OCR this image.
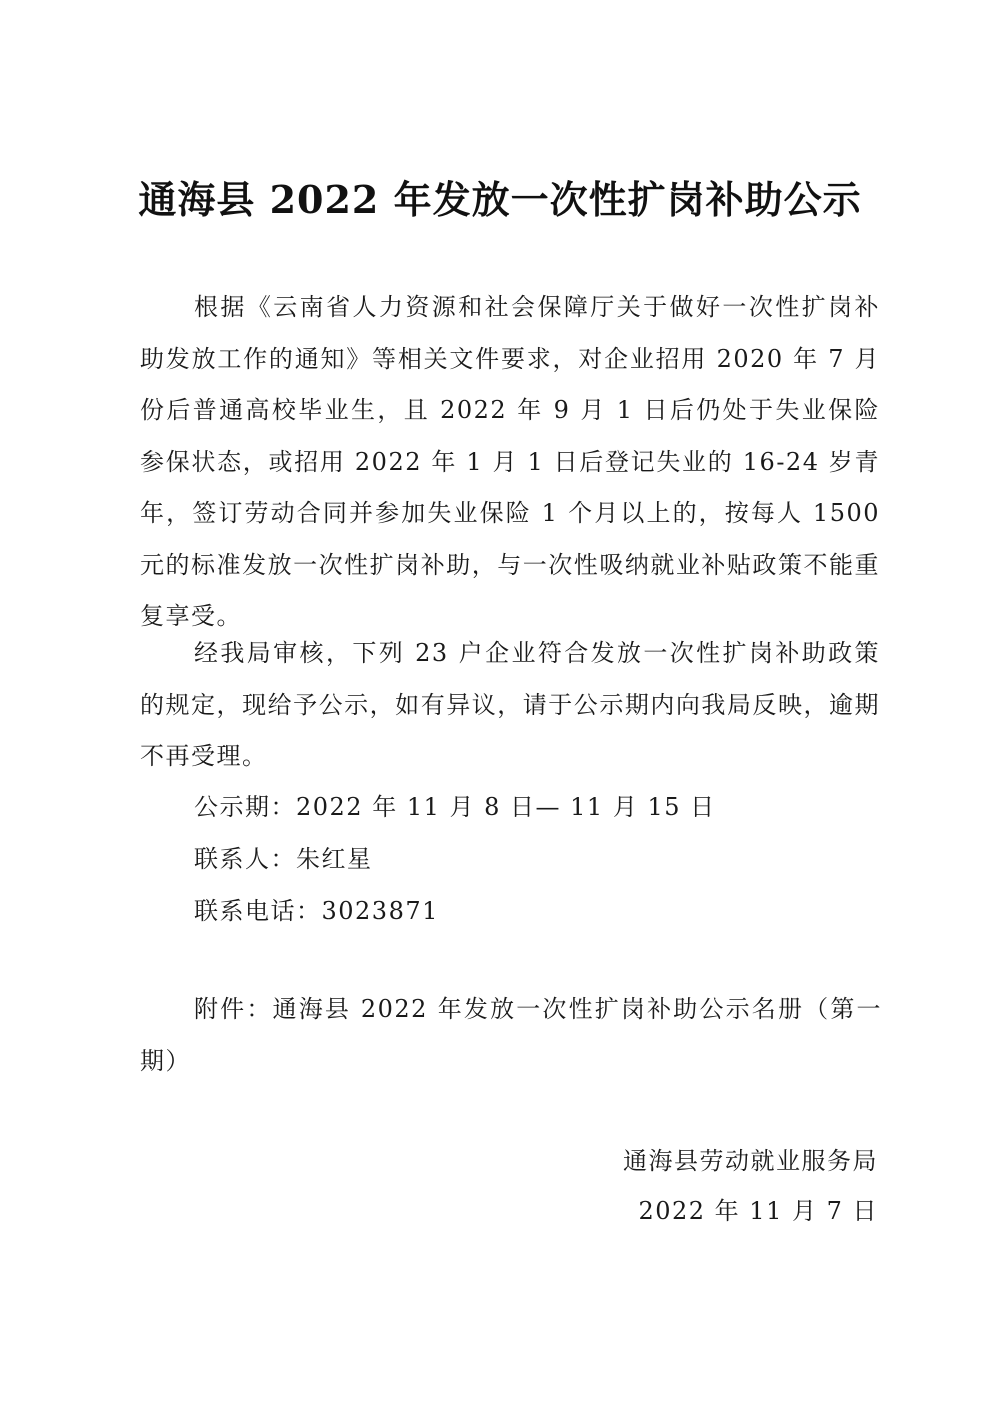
通海县 2022 年发放一次性扩岗补助公示

根据《云南省人力资源和社会保障厅关于做好一次性扩岗补助发放工作的通知》等相关文件要求，对企业招用 2020 年 7 月份后普通高校毕业生，且 2022 年 9 月 1 日后仍处于失业保险参保状态，或招用 2022 年 1 月 1 日后登记失业的 16-24 岁青年，签订劳动合同并参加失业保险 1 个月以上的，按每人 1500 元的标准发放一次性扩岗补助，与一次性吸纳就业补贴政策不能重复享受。

经我局审核，下列 23 户企业符合发放一次性扩岗补助政策的规定，现给予公示，如有异议，请于公示期内向我局反映，逾期不再受理。

公示期：2022 年 11 月 8 日— 11 月 15 日
联系人：朱红星
联系电话：3023871
附件：通海县 2022 年发放一次性扩岗补助公示名册（第一期）
通海县劳动就业服务局
2022 年 11 月 7 日
